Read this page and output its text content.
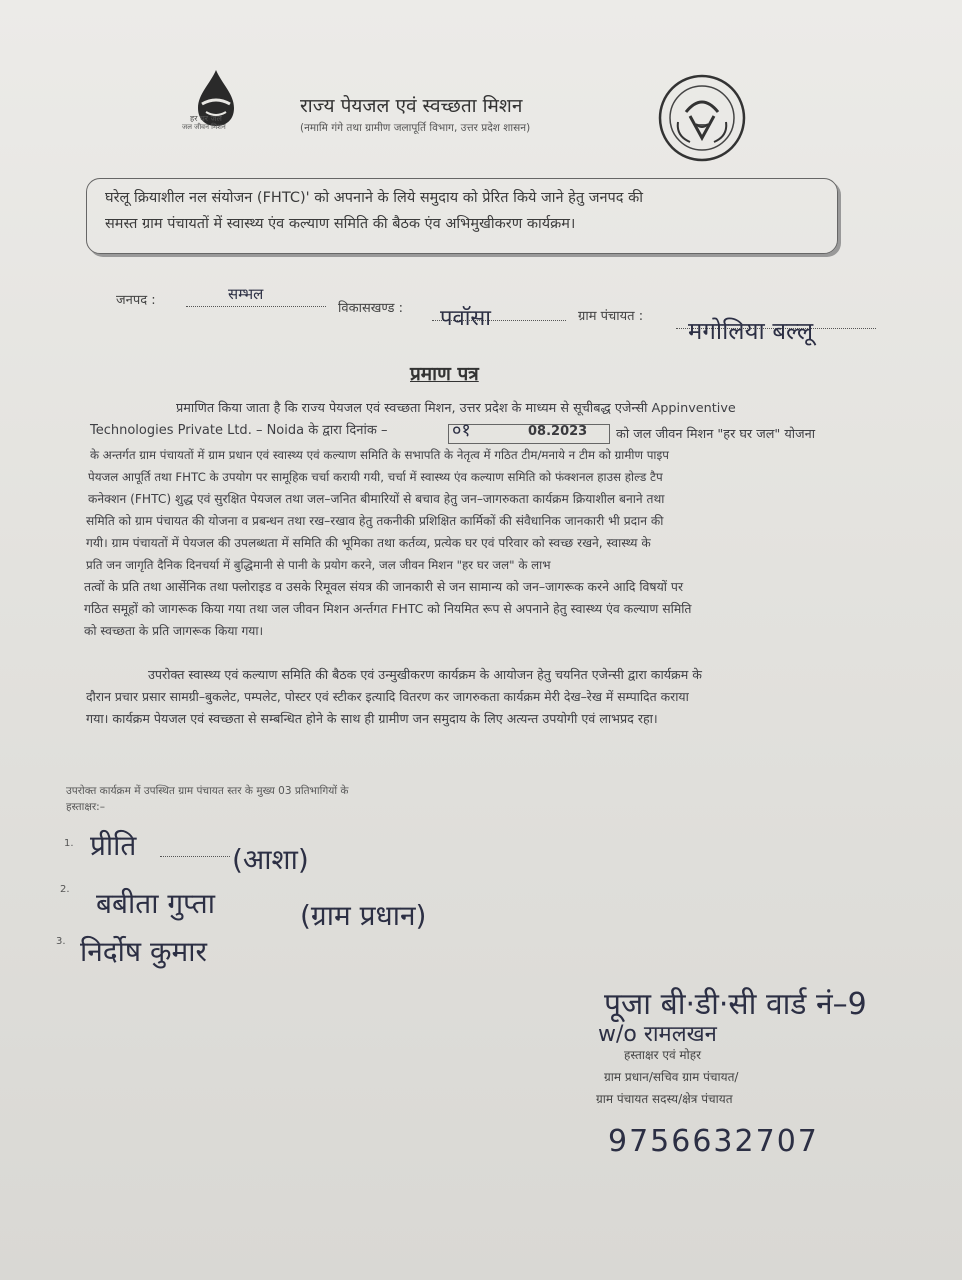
हर घर जल
जल जीवन मिशन
राज्य पेयजल एवं स्वच्छता मिशन
(नमामि गंगे तथा ग्रामीण जलापूर्ति विभाग, उत्तर प्रदेश शासन)
घरेलू क्रियाशील नल संयोजन (FHTC)' को अपनाने के लिये समुदाय को प्रेरित किये जाने हेतु जनपद की
समस्त ग्राम पंचायतों में स्वास्थ्य एंव कल्याण समिति की बैठक एंव अभिमुखीकरण कार्यक्रम।
जनपद :	सम्भल
विकासखण्ड : पवॉसा	ग्राम पंचायत :
मगोलिया बल्लू
प्रमाण पत्र
प्रमाणित किया जाता है कि राज्य पेयजल एवं स्वच्छता मिशन, उत्तर प्रदेश के माध्यम से सूचीबद्ध एजेन्सी Appinventive
Technologies Private Ltd. – Noida के द्वारा दिनांक –	०१	08.2023 को जल जीवन मिशन "हर घर जल" योजना
के अन्तर्गत ग्राम पंचायतों में ग्राम प्रधान एवं स्वास्थ्य एवं कल्याण समिति के सभापति के नेतृत्व में गठित टीम/मनाये न टीम को ग्रामीण पाइप
पेयजल आपूर्ति तथा FHTC के उपयोग पर सामूहिक चर्चा करायी गयी, चर्चा में स्वास्थ्य एंव कल्याण समिति को फंक्शनल हाउस होल्ड टैप
कनेक्शन (FHTC) शुद्ध एवं सुरक्षित पेयजल तथा जल–जनित बीमारियों से बचाव हेतु जन–जागरुकता कार्यक्रम क्रियाशील बनाने तथा
समिति को ग्राम पंचायत की योजना व प्रबन्धन तथा रख–रखाव हेतु तकनीकी प्रशिक्षित कार्मिकों की संवैधानिक जानकारी भी प्रदान की
गयी। ग्राम पंचायतों में पेयजल की उपलब्धता में समिति की भूमिका तथा कर्तव्य, प्रत्येक घर एवं परिवार को स्वच्छ रखने, स्वास्थ्य के
प्रति जन जागृति दैनिक दिनचर्या में बुद्धिमानी से पानी के प्रयोग करने, जल जीवन मिशन "हर घर जल" के लाभ
तत्वों के प्रति तथा आर्सेनिक तथा फ्लोराइड व उसके रिमूवल संयत्र की जानकारी से जन सामान्य को जन–जागरूक करने आदि विषयों पर
गठित समूहों को जागरूक किया गया तथा जल जीवन मिशन अर्न्तगत FHTC को नियमित रूप से अपनाने हेतु स्वास्थ्य एंव कल्याण समिति
को स्वच्छता के प्रति जागरूक किया गया।
उपरोक्त स्वास्थ्य एवं कल्याण समिति की बैठक एवं उन्मुखीकरण कार्यक्रम के आयोजन हेतु चयनित एजेन्सी द्वारा कार्यक्रम के
दौरान प्रचार प्रसार सामग्री–बुकलेट, पम्पलेट, पोस्टर एवं स्टीकर इत्यादि वितरण कर जागरुकता कार्यक्रम मेरी देख–रेख में सम्पादित कराया
गया। कार्यक्रम पेयजल एवं स्वच्छता से सम्बन्धित होने के साथ ही ग्रामीण जन समुदाय के लिए अत्यन्त उपयोगी एवं लाभप्रद रहा।
उपरोक्त कार्यक्रम में उपस्थित ग्राम पंचायत स्तर के मुख्य 03 प्रतिभागियों के
हस्ताक्षर:–
1. प्रीति	(आशा)
2. बबीता गुप्ता	(ग्राम प्रधान)
3. निर्दोष कुमार
पूजा बी·डी·सी वार्ड नं–9
w/o रामलखन
हस्ताक्षर एवं मोहर
ग्राम प्रधान/सचिव ग्राम पंचायत/
ग्राम पंचायत सदस्य/क्षेत्र पंचायत
9756632707
